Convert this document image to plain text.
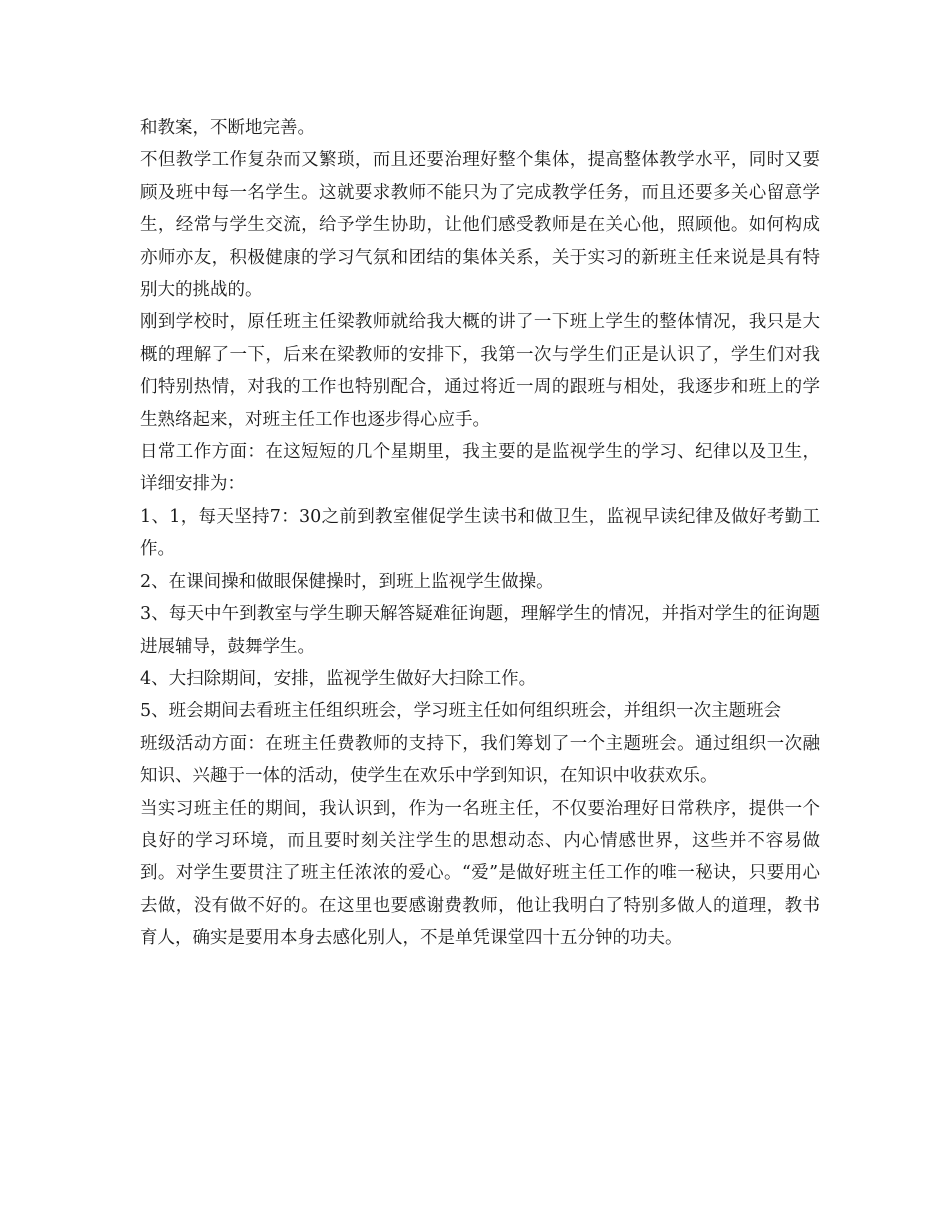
和教案，不断地完善。

不但教学工作复杂而又繁琐，而且还要治理好整个集体，提高整体教学水平，同时又要顾及班中每一名学生。这就要求教师不能只为了完成教学任务，而且还要多关心留意学生，经常与学生交流，给予学生协助，让他们感受教师是在关心他，照顾他。如何构成亦师亦友，积极健康的学习气氛和团结的集体关系，关于实习的新班主任来说是具有特别大的挑战的。

刚到学校时，原任班主任梁教师就给我大概的讲了一下班上学生的整体情况，我只是大概的理解了一下，后来在梁教师的安排下，我第一次与学生们正是认识了，学生们对我们特别热情，对我的工作也特别配合，通过将近一周的跟班与相处，我逐步和班上的学生熟络起来，对班主任工作也逐步得心应手。

日常工作方面：在这短短的几个星期里，我主要的是监视学生的学习、纪律以及卫生，详细安排为：

1、1，每天坚持7：30之前到教室催促学生读书和做卫生，监视早读纪律及做好考勤工作。

2、在课间操和做眼保健操时，到班上监视学生做操。

3、每天中午到教室与学生聊天解答疑难征询题，理解学生的情况，并指对学生的征询题进展辅导，鼓舞学生。

4、大扫除期间，安排，监视学生做好大扫除工作。

5、班会期间去看班主任组织班会，学习班主任如何组织班会，并组织一次主题班会

班级活动方面：在班主任费教师的支持下，我们筹划了一个主题班会。通过组织一次融知识、兴趣于一体的活动，使学生在欢乐中学到知识，在知识中收获欢乐。

当实习班主任的期间，我认识到，作为一名班主任，不仅要治理好日常秩序，提供一个良好的学习环境，而且要时刻关注学生的思想动态、内心情感世界，这些并不容易做到。对学生要贯注了班主任浓浓的爱心。“爱”是做好班主任工作的唯一秘诀，只要用心去做，没有做不好的。在这里也要感谢费教师，他让我明白了特别多做人的道理，教书育人，确实是要用本身去感化别人，不是单凭课堂四十五分钟的功夫。
